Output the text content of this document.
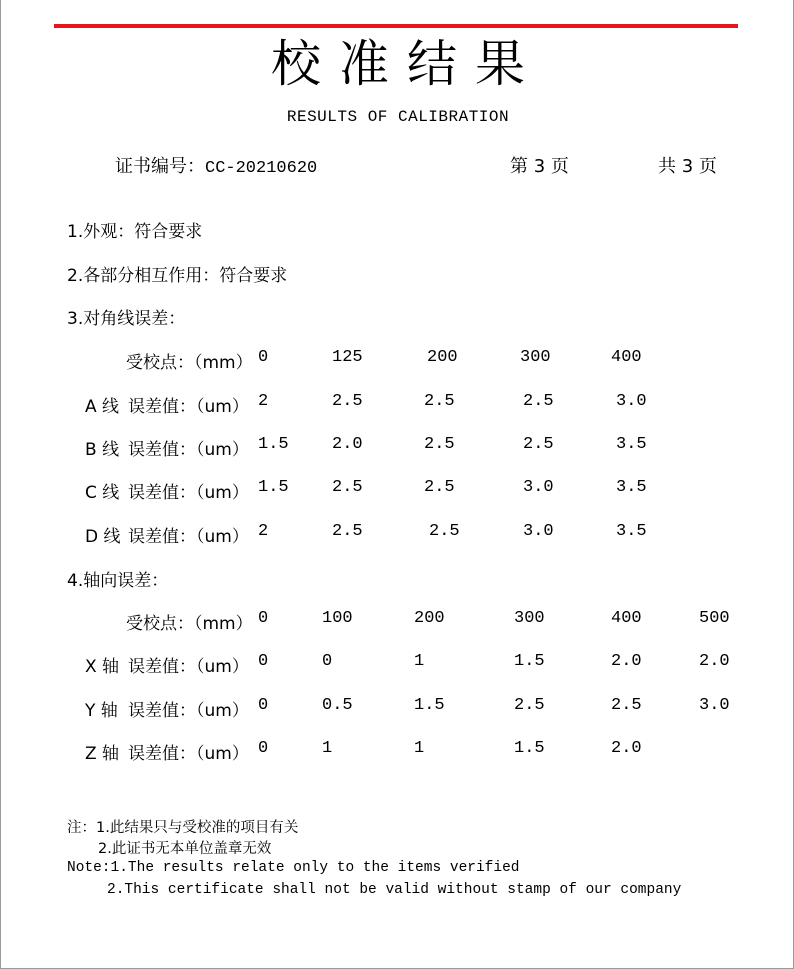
校准结果
RESULTS OF CALIBRATION
证书编号：CC-20210620	第 3 页	共 3 页
1.外观：符合要求
2.各部分相互作用：符合要求
3.对角线误差：
受校点：（mm） 0	125	200	300	400
A 线 误差值：（um） 2	2.5	2.5	2.5	3.0
B 线 误差值：（um） 1.5	2.0	2.5	2.5	3.5
C 线 误差值：（um） 1.5	2.5	2.5	3.0	3.5
D 线 误差值：（um） 2	2.5	2.5	3.0	3.5
4.轴向误差：
受校点：（mm） 0	100	200	300	400	500
X 轴 误差值：（um） 0	0	1	1.5	2.0	2.0
Y 轴 误差值：（um） 0	0.5	1.5	2.5	2.5	3.0
Z 轴 误差值：（um） 0	1	1	1.5	2.0
注：1.此结果只与受校准的项目有关
2.此证书无本单位盖章无效
Note:1.The results relate only to the items verified
2.This certificate shall not be valid without stamp of our company
